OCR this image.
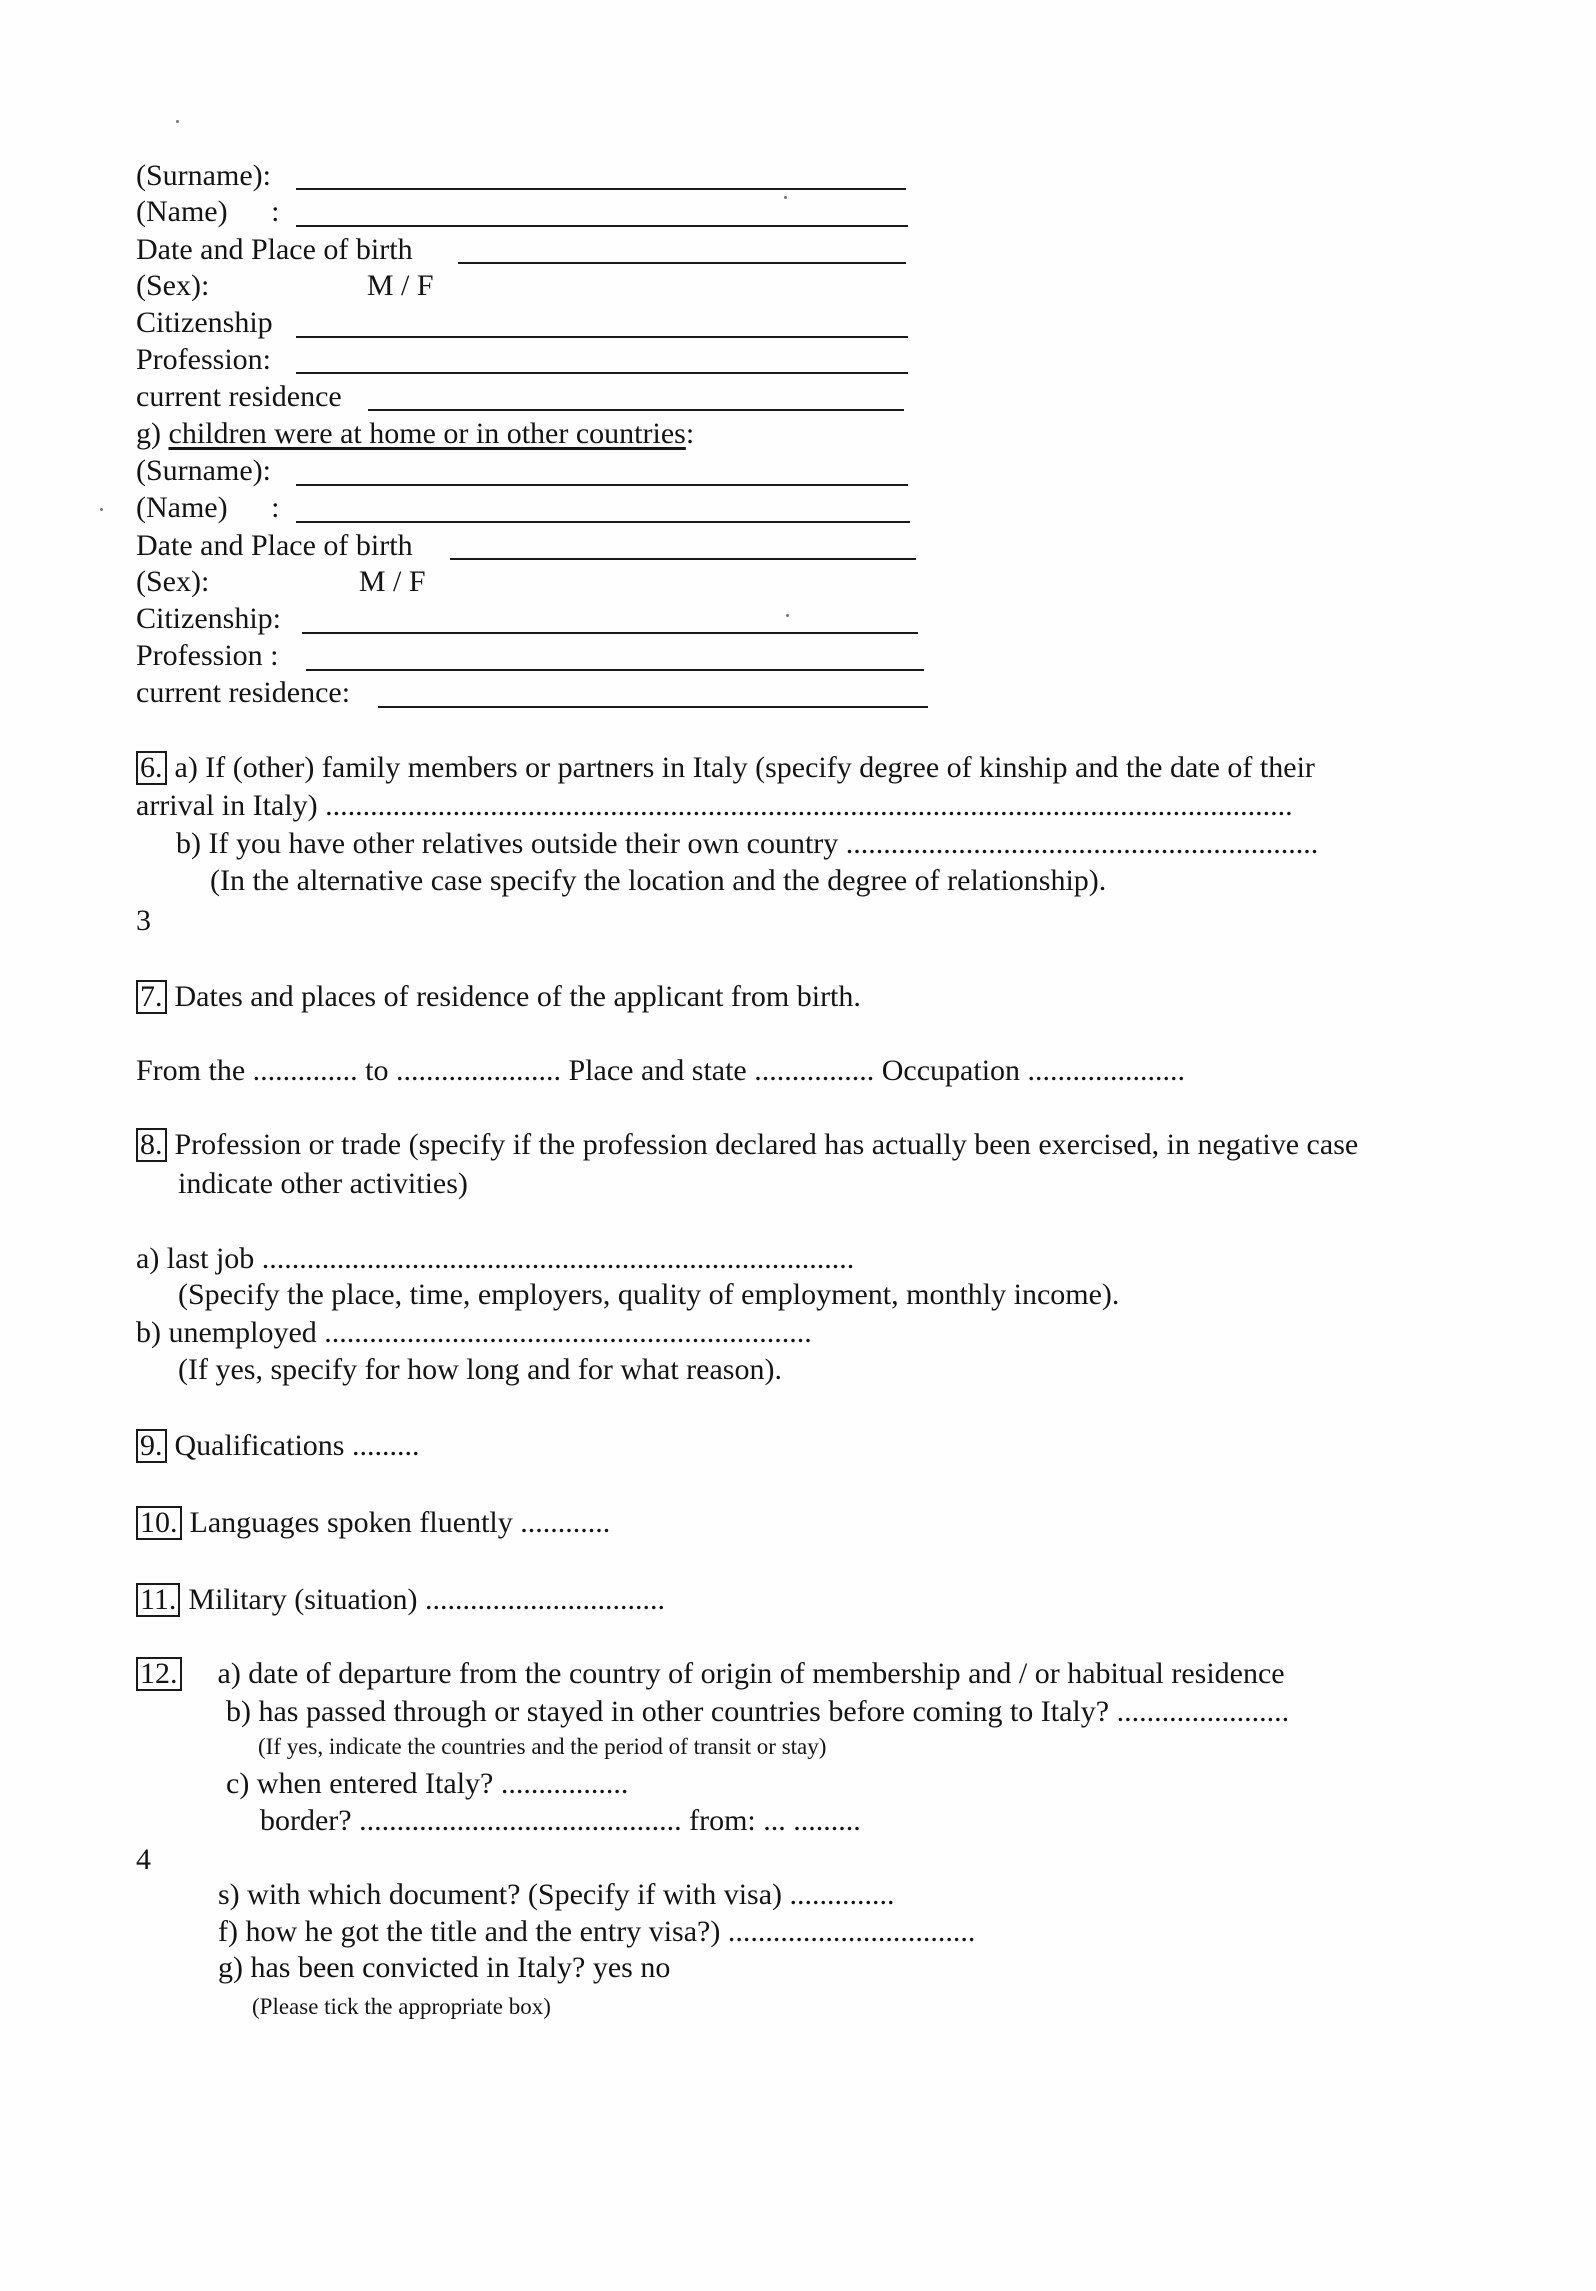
(Surname):
(Name) :
Date and Place of birth
(Sex):	M / F
Citizenship
Profession:
current residence
g) children were at home or in other countries:
(Surname):
(Name) :
Date and Place of birth
(Sex):	M / F
Citizenship:
Profession :
current residence:
6. a) If (other) family members or partners in Italy (specify degree of kinship and the date of their
arrival in Italy) .................................................................................................................................
b) If you have other relatives outside their own country ...............................................................
(In the alternative case specify the location and the degree of relationship).
3
7. Dates and places of residence of the applicant from birth.
From the .............. to ...................... Place and state ................ Occupation .....................
8. Profession or trade (specify if the profession declared has actually been exercised, in negative case
indicate other activities)
a) last job ...............................................................................
(Specify the place, time, employers, quality of employment, monthly income).
b) unemployed .................................................................
(If yes, specify for how long and for what reason).
9. Qualifications .........
10. Languages spoken fluently ............
11. Military (situation) ................................
12. a) date of departure from the country of origin of membership and / or habitual residence
b) has passed through or stayed in other countries before coming to Italy? .......................
(If yes, indicate the countries and the period of transit or stay)
c) when entered Italy? .................
border? ........................................... from: ... .........
4
s) with which document? (Specify if with visa) ..............
f) how he got the title and the entry visa?) .................................
g) has been convicted in Italy? yes no
(Please tick the appropriate box)
